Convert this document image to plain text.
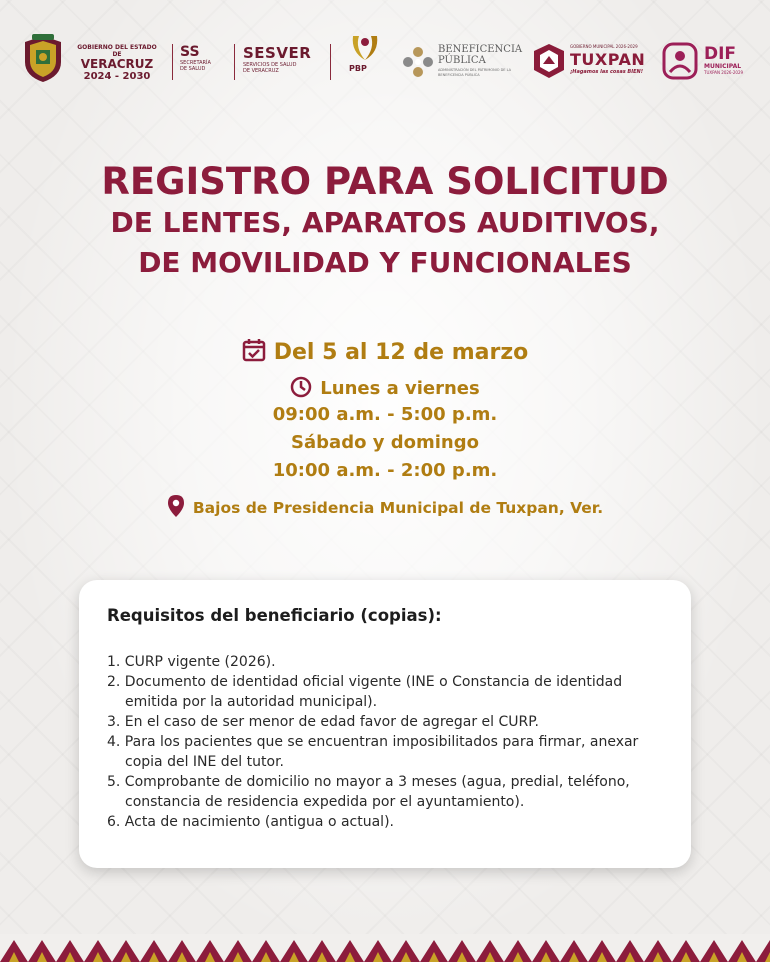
GOBIERNO DEL ESTADO DE
VERACRUZ
2024 - 2030
SS
SECRETARÍA
DE SALUD
SESVER
SERVICIOS DE SALUD
DE VERACRUZ	PBP
BENEFICENCIA
PÚBLICA
ADMINISTRACIÓN DEL PATRIMONIO DE LA BENEFICENCIA PÚBLICA
GOBIERNO MUNICIPAL 2026-2029
TUXPAN
¡Hagamos las cosas BIEN!
DIF
MUNICIPAL
TUXPAN 2026-2029
REGISTRO PARA SOLICITUD
DE LENTES, APARATOS AUDITIVOS,
DE MOVILIDAD Y FUNCIONALES
Del 5 al 12 de marzo
Lunes a viernes
09:00 a.m. - 5:00 p.m.
Sábado y domingo
10:00 a.m. - 2:00 p.m.
Bajos de Presidencia Municipal de Tuxpan, Ver.
Requisitos del beneficiario (copias):
1. CURP vigente (2026).
2. Documento de identidad oficial vigente (INE o Constancia de identidad emitida por la autoridad municipal).
3. En el caso de ser menor de edad favor de agregar el CURP.
4. Para los pacientes que se encuentran imposibilitados para firmar, anexar copia del INE del tutor.
5. Comprobante de domicilio no mayor a 3 meses (agua, predial, teléfono, constancia de residencia expedida por el ayuntamiento).
6. Acta de nacimiento (antigua o actual).
